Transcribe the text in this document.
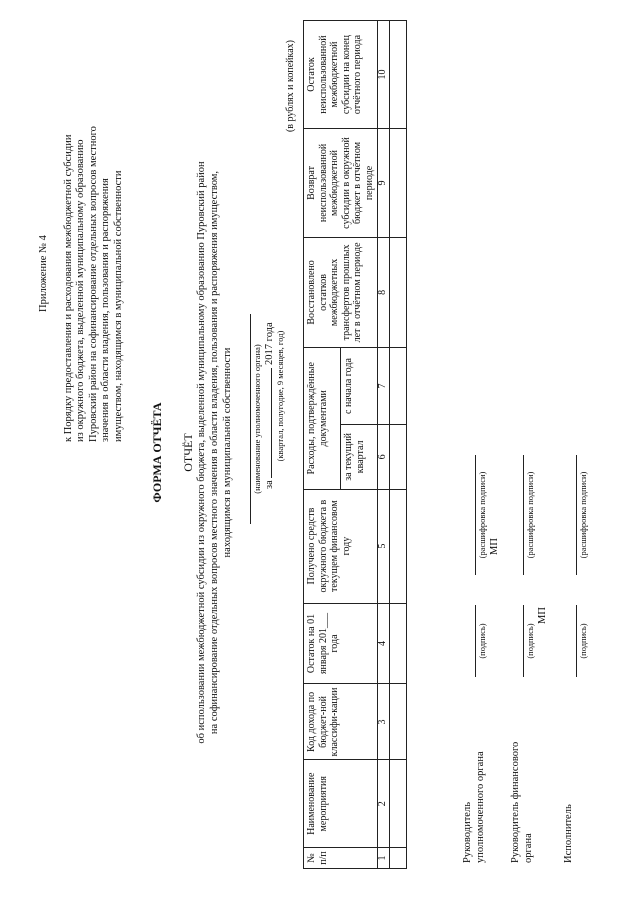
Приложение № 4 к Порядку предоставления и расходования межбюджетной субсидии из окружного бюджета, выделенной муниципальному образованию Пуровский район на софинансирование отдельных вопросов местного значения в области владения, пользования и распоряжения имуществом, находящимся в муниципальной собственности
ФОРМА ОТЧЁТА ОТЧЁТ об использовании межбюджетной субсидии из окружного бюджета, выделенной муниципальному образованию Пуровский район на софинансирование отдельных вопросов местного значения в области владения, пользования и распоряжения имуществом, находящимся в муниципальной собственности (наименование уполномоченного органа) за  2017 года (квартал, полугодие, 9 месяцев, год)
(в рублях и копейках)
№ п/п	Наименование мероприятия	Код дохода по бюджет-ной классифи-кации	Остаток на 01 января 201___ года	Получено средств окружного бюджета в текущем финансовом году	Расходы, подтверждённые документами		Восстановлено остатков межбюджетных трансфертов прошлых лет в отчётном периоде	Возврат неиспользованной межбюджетной субсидии в окружной бюджет в отчётном периоде	Остаток неиспользованной межбюджетной субсидии на конец отчётного периода
					за текущий квартал	с начала года			
1	2	3	4	5	6	7	8	9	10

Руководитель уполномоченного органа
(подпись)
(расшифровка подписи) МП
Руководитель финансового органа
(подпись)
(расшифровка подписи)
МП
Исполнитель
(подпись)
(расшифровка подписи)
